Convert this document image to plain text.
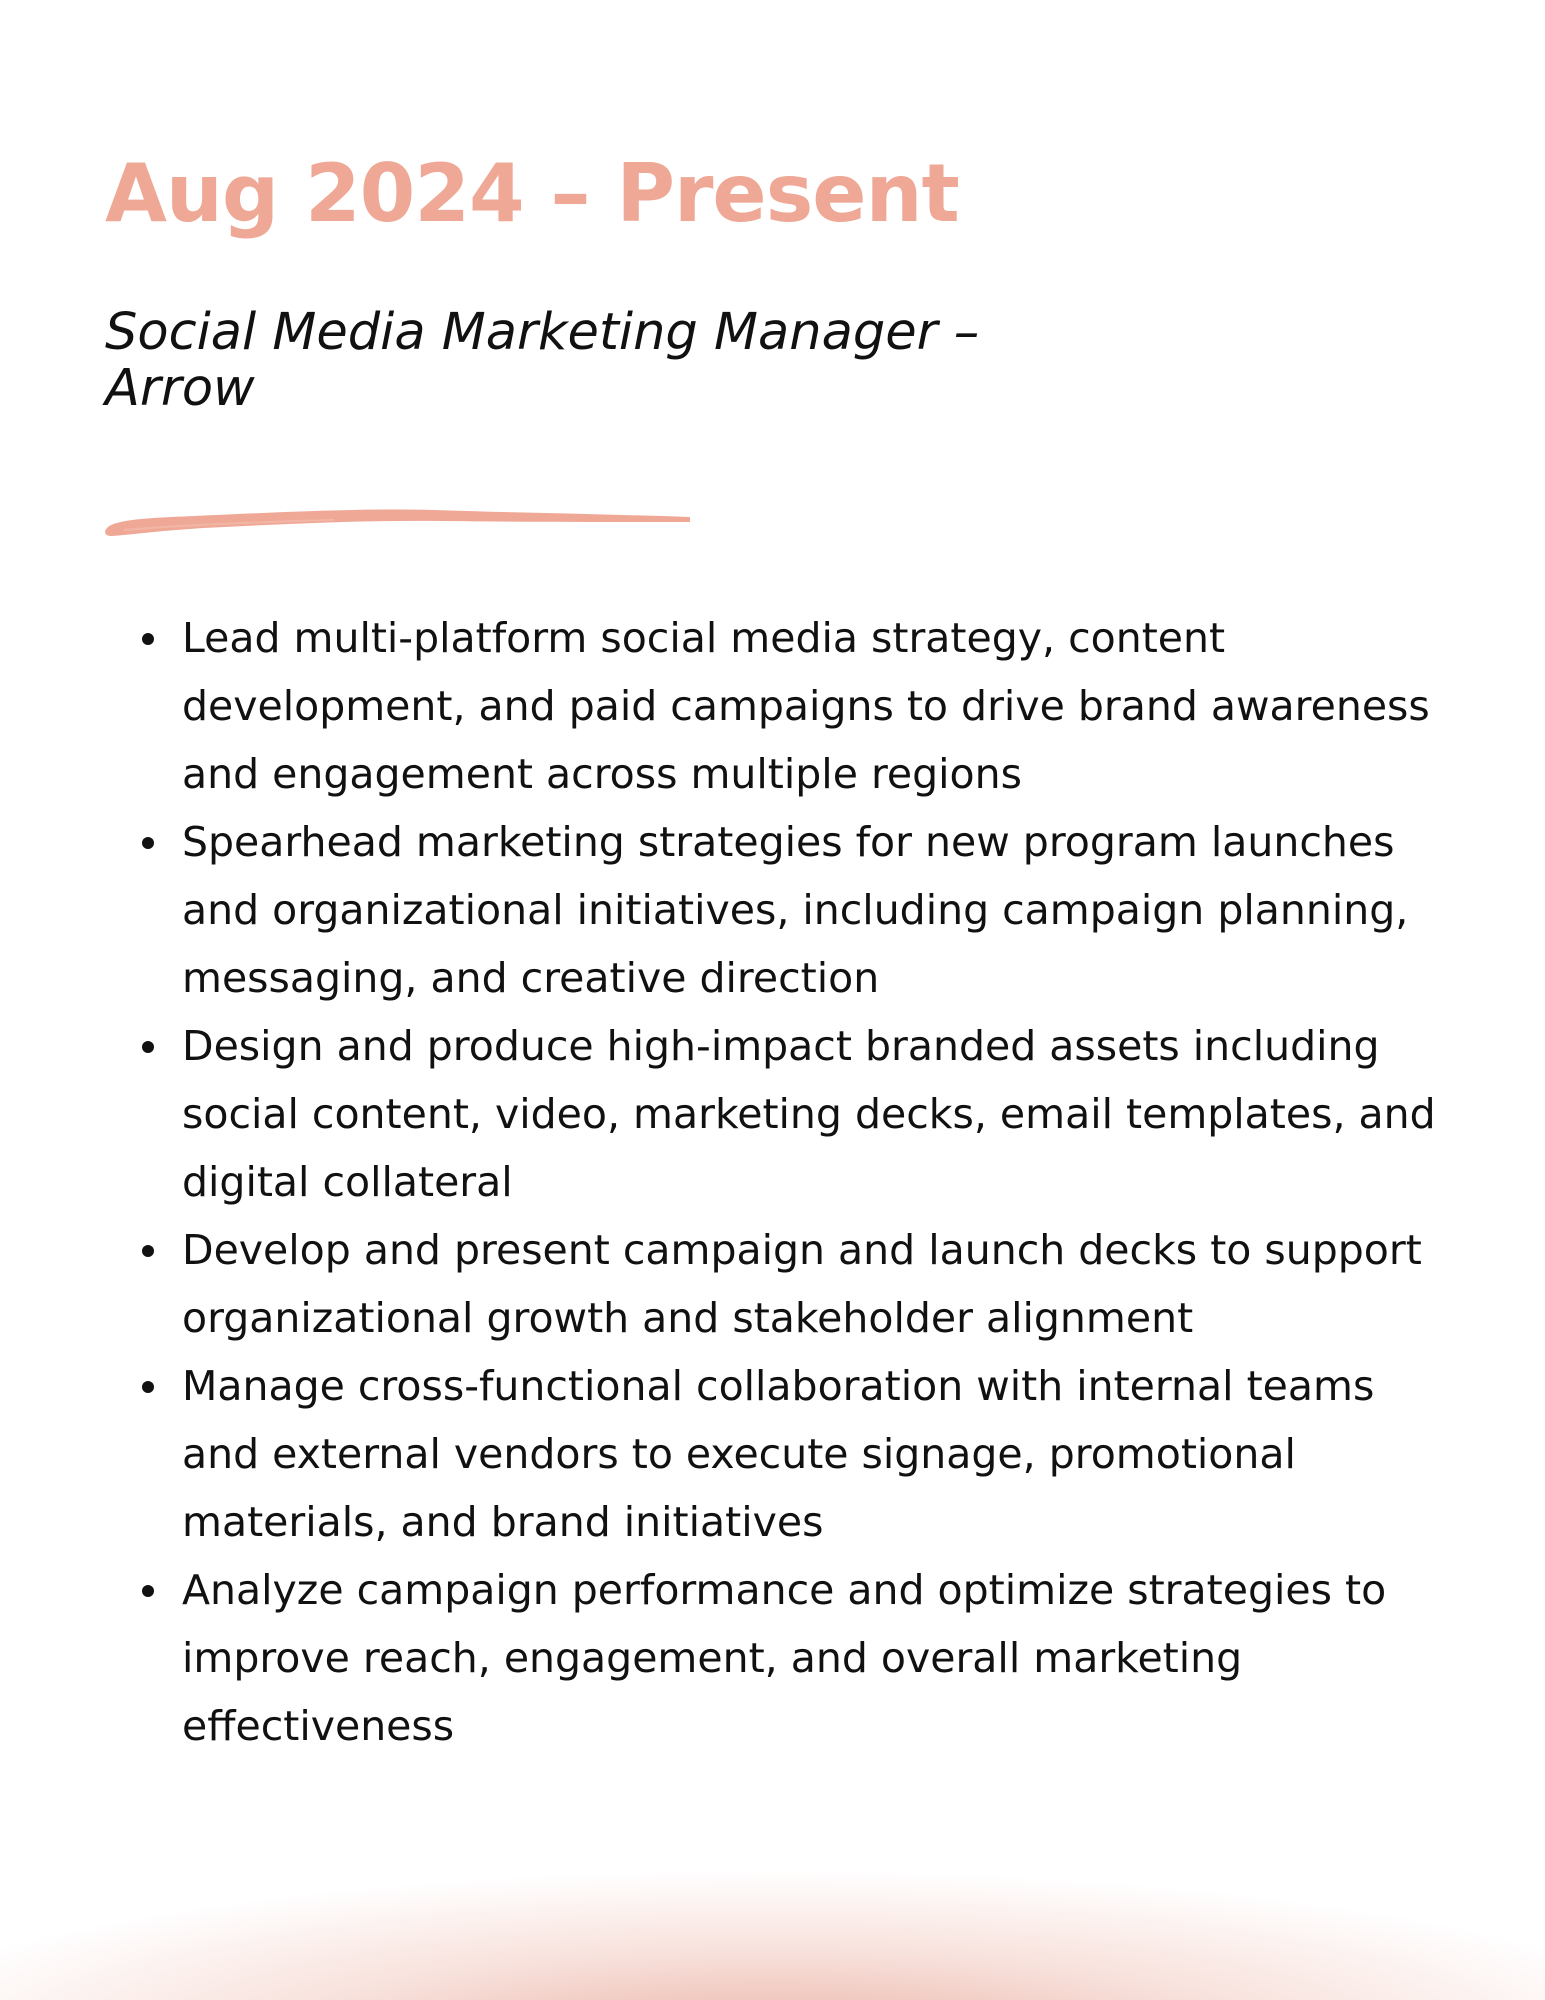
Aug 2024 – Present
Social Media Marketing Manager – Arrow
Lead multi-platform social media strategy, content development, and paid campaigns to drive brand awareness and engagement across multiple regions
Spearhead marketing strategies for new program launches and organizational initiatives, including campaign planning, messaging, and creative direction
Design and produce high-impact branded assets including social content, video, marketing decks, email templates, and digital collateral
Develop and present campaign and launch decks to support organizational growth and stakeholder alignment
Manage cross-functional collaboration with internal teams and external vendors to execute signage, promotional materials, and brand initiatives
Analyze campaign performance and optimize strategies to improve reach, engagement, and overall marketing effectiveness
